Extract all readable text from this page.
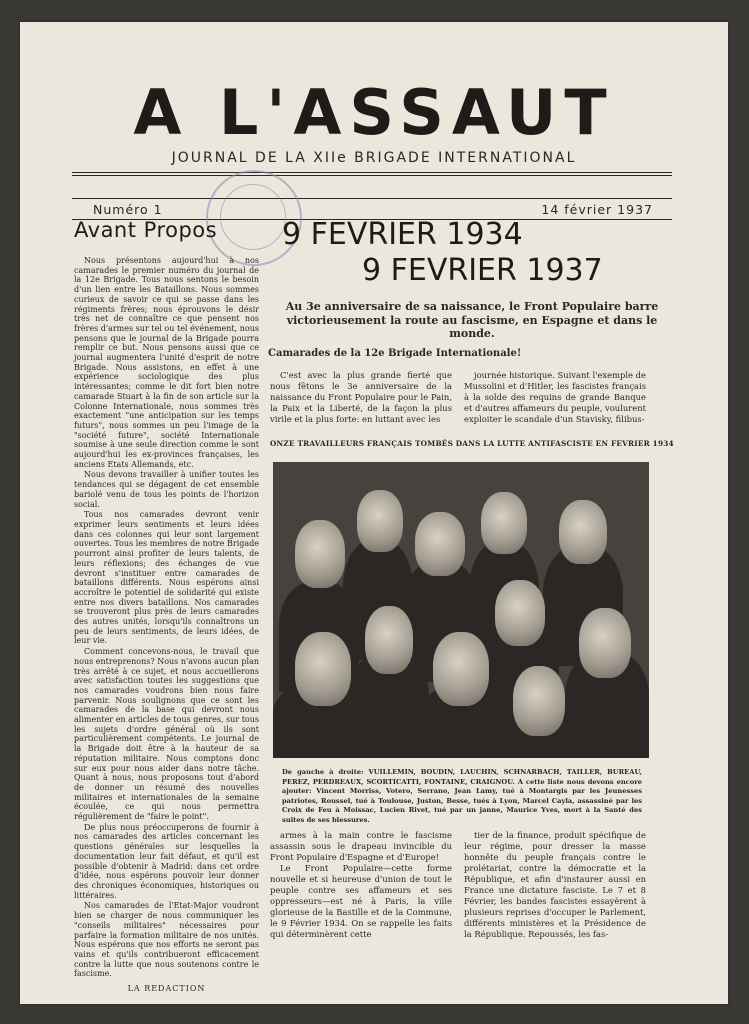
A L'ASSAUT
JOURNAL DE LA XIIe BRIGADE INTERNATIONAL
Numéro 1	14 février 1937
Avant Propos

Nous présentons aujourd'hui à nos camarades le premier numéro du journal de la 12e Brigade. Tous nous sentons le besoin d'un lien entre les Bataillons. Nous sommes curieux de savoir ce qui se passe dans les régiments frères; nous éprouvons le désir très net de connaître ce que pensent nos frères d'armes sur tel ou tel événement, nous pensons que le journal de la Brigade pourra remplir ce but. Nous pensons aussi que ce journal augmentera l'unité d'esprit de notre Brigade. Nous assistons, en effet à une expérience sociologique des plus intéressantes; comme le dit fort bien notre camarade Stuart à la fin de son article sur la Colonne Internationale, nous sommes très exactement "une anticipation sur les temps futurs", nous sommes un peu l'image de la "société future", société Internationale soumise à une seule direction comme le sont aujourd'hui les ex-provinces françaises, les anciens Etats Allemands, etc.

Nous devons travailler à unifier toutes les tendances qui se dégagent de cet ensemble bariolé venu de tous les points de l'horizon social.

Tous nos camarades devront venir exprimer leurs sentiments et leurs idées dans ces colonnes qui leur sont largement ouvertes. Tous les membres de notre Brigade pourront ainsi profiter de leurs talents, de leurs réflexions; des échanges de vue devront s'instituer entre camarades de bataillons différents. Nous espérons ainsi accroître le potentiel de solidarité qui existe entre nos divers bataillons. Nos camarades se trouveront plus près de leurs camarades des autres unités, lorsqu'ils connaîtrons un peu de leurs sentiments, de leurs idées, de leur vie.

Comment concevons-nous, le travail que nous entreprenons? Nous n'avons aucun plan très arrêté à ce sujet, et nous accueillerons avec satisfaction toutes les suggestions que nos camarades voudrons bien nous faire parvenir. Nous soulignons que ce sont les camarades de la base qui devront nous alimenter en articles de tous genres, sur tous les sujets d'ordre général où ils sont particulièrement compétents. Le journal de la Brigade doit être à la hauteur de sa réputation militaire. Nous comptons donc sur eux pour nous aider dans notre tâche. Quant à nous, nous proposons tout d'abord de donner un résumé des nouvelles militaires et internationales de la semaine écoulée, ce qui nous permettra régulièrement de "faire le point".

De plus nous préoccuperons de fournir à nos camarades des articles concernant les questions générales sur lesquelles la documentation leur fait défaut, et qu'il est possible d'obtenir à Madrid: dans cet ordre d'idée, nous espérons pouvoir leur donner des chroniques économiques, historiques ou littéraires.

Nos camarades de l'Etat-Major voudront bien se charger de nous communiquer les "conseils militaires" nécessaires pour parfaire la formation militaire de nos unités. Nous espérons que nos efforts ne seront pas vains et qu'ils contribueront efficacement contre la lutte que nous soutenons contre le fascisme.

LA REDACTION
9 FEVRIER 1934
9 FEVRIER 1937
Au 3e anniversaire de sa naissance, le Front Populaire barre victorieusement la route au fascisme, en Espagne et dans le monde.
Camarades de la 12e Brigade Internationale!

C'est avec la plus grande fierté que nous fêtons le 3e anniversaire de la naissance du Front Populaire pour le Pain, la Paix et la Liberté, de la façon la plus virile et la plus forte: en luttant avec les

journée historique. Suivant l'exemple de Mussolini et d'Hitler, les fascistes français à la solde des requins de grande Banque et d'autres affameurs du peuple, voulurent exploiter le scandale d'un Stavisky, filibus-

ONZE TRAVAILLEURS FRANÇAIS TOMBÉS DANS LA LUTTE ANTIFASCISTE EN FEVRIER 1934
De gauche à droite: VUILLEMIN, BOUDIN, LAUCHIN, SCHNARBACH, TAILLER, BUREAU, PEREZ, PERDREAUX, SCORTICATTI, FONTAINE, CRAIGNOU. A cette liste nous devons encore ajouter: Vincent Morriss, Votero, Serrano, Jean Lamy, tué à Montargis par les Jeunesses patriotes, Roussel, tué à Toulouse, Juston, Besse, tués à Lyon, Marcel Cayla, assassiné par les Croix de Feu à Moissac, Lucien Rivet, tué par un janne, Maurice Yves, mort à la Santé des suites de ses blessures.

armes à la main contre le fascisme assassin sous le drapeau invincible du Front Populaire d'Espagne et d'Europe!

Le Front Populaire—cette forme nouvelle et si heureuse d'union de tout le peuple contre ses affameurs et ses oppresseurs—est né à Paris, la ville glorieuse de la Bastille et de la Commune, le 9 Février 1934. On se rappelle les faits qui déterminèrent cette

tier de la finance, produit spécifique de leur régime, pour dresser la masse honnête du peuple français contre le prolétariat, contre la démocratie et la République, et afin d'instaurer aussi en France une dictature fasciste. Le 7 et 8 Février, les bandes fascistes essayèrent à plusieurs reprises d'occuper le Parlement, différents ministères et la Présidence de la République. Repoussés, les fas-
